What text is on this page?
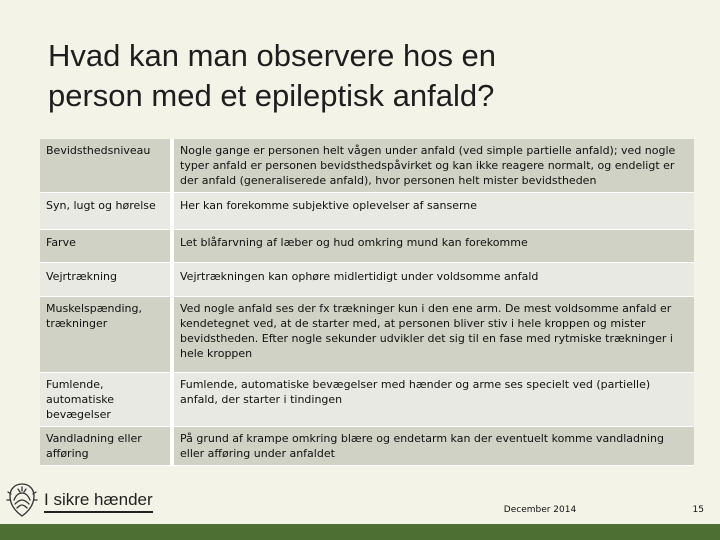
Hvad kan man observere hos en
person med et epileptisk anfald?
Bevidsthedsniveau	Nogle gange er personen helt vågen under anfald (ved simple partielle anfald); ved nogle typer anfald er personen bevidsthedspåvirket og kan ikke reagere normalt, og endeligt er der anfald (generaliserede anfald), hvor personen helt mister bevidstheden
Syn, lugt og hørelse	Her kan forekomme subjektive oplevelser af sanserne
Farve	Let blåfarvning af læber og hud omkring mund kan forekomme
Vejrtrækning	Vejrtrækningen kan ophøre midlertidigt under voldsomme anfald
Muskelspænding, trækninger	Ved nogle anfald ses der fx trækninger kun i den ene arm. De mest voldsomme anfald er kendetegnet ved, at de starter med, at personen bliver stiv i hele kroppen og mister bevidstheden. Efter nogle sekunder udvikler det sig til en fase med rytmiske trækninger i hele kroppen
Fumlende, automatiske bevægelser	Fumlende, automatiske bevægelser med hænder og arme ses specielt ved (partielle) anfald, der starter i tindingen
Vandladning eller afføring	På grund af krampe omkring blære og endetarm kan der eventuelt komme vandladning eller afføring under anfaldet
I sikre hænder
December 2014	15
